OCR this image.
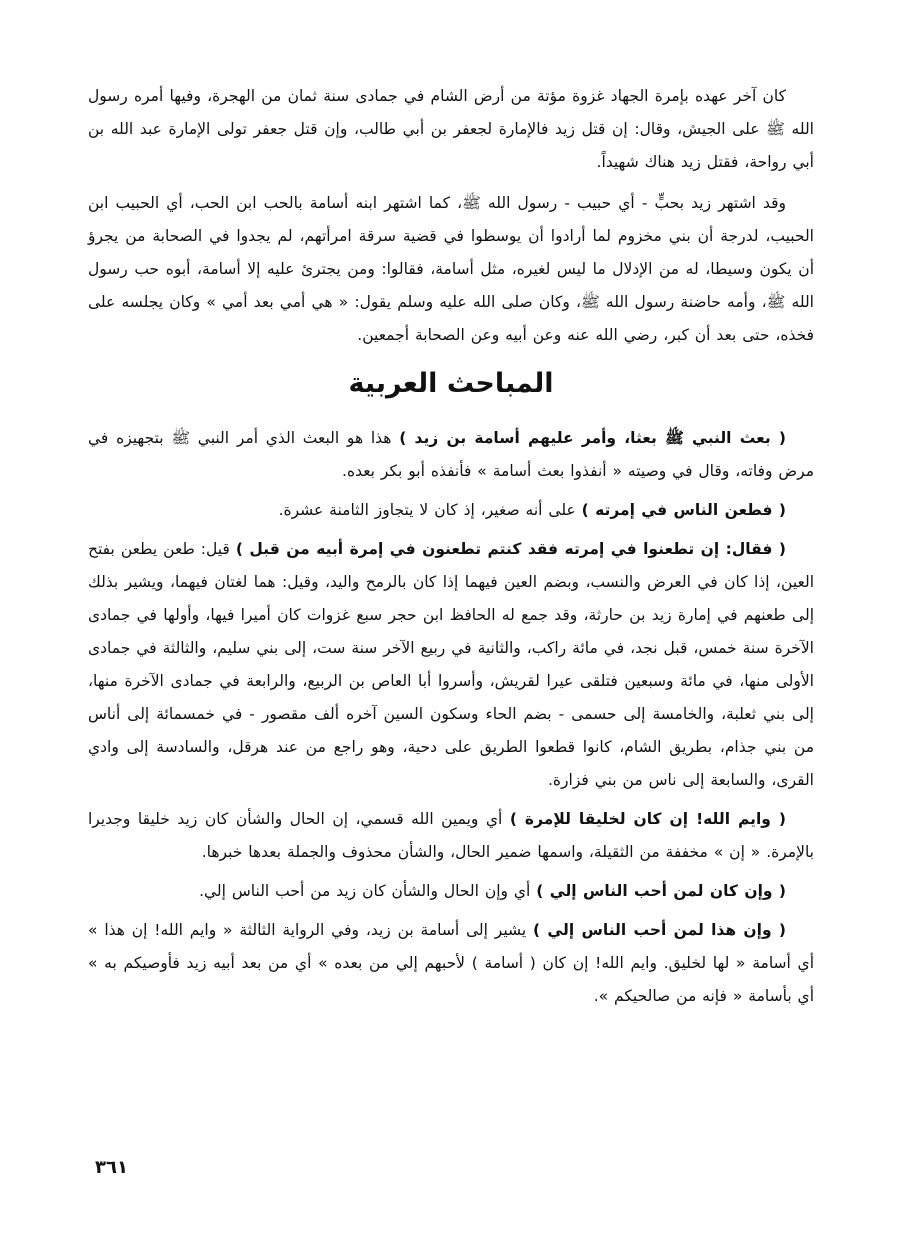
كان آخر عهده بإمرة الجهاد غزوة مؤتة من أرض الشام في جمادى سنة ثمان من الهجرة، وفيها أمره رسول الله ﷺ على الجيش، وقال: إن قتل زيد فالإمارة لجعفر بن أبي طالب، وإن قتل جعفر تولى الإمارة عبد الله بن أبي رواحة، فقتل زيد هناك شهيداً.

وقد اشتهر زيد بحبٍّ - أي حبيب - رسول الله ﷺ، كما اشتهر ابنه أسامة بالحب ابن الحب، أي الحبيب ابن الحبيب، لدرجة أن بني مخزوم لما أرادوا أن يوسطوا في قضية سرقة امرأتهم، لم يجدوا في الصحابة من يجرؤ أن يكون وسيطا، له من الإدلال ما ليس لغيره، مثل أسامة، فقالوا: ومن يجترئ عليه إلا أسامة، أبوه حب رسول الله ﷺ، وأمه حاضنة رسول الله ﷺ، وكان صلى الله عليه وسلم يقول: « هي أمي بعد أمي » وكان يجلسه على فخذه، حتى بعد أن كبر، رضي الله عنه وعن أبيه وعن الصحابة أجمعين.

المباحث العربية

( بعث النبي ﷺ بعثا، وأمر عليهم أسامة بن زيد ) هذا هو البعث الذي أمر النبي ﷺ بتجهيزه في مرض وفاته، وقال في وصيته « أنفذوا بعث أسامة » فأنفذه أبو بكر بعده.

( فطعن الناس في إمرته ) على أنه صغير، إذ كان لا يتجاوز الثامنة عشرة.

( فقال: إن تطعنوا في إمرته فقد كنتم تطعنون في إمرة أبيه من قبل ) قيل: طعن يطعن بفتح العين، إذا كان في العرض والنسب، وبضم العين فيهما إذا كان بالرمح واليد، وقيل: هما لغتان فيهما، ويشير بذلك إلى طعنهم في إمارة زيد بن حارثة، وقد جمع له الحافظ ابن حجر سبع غزوات كان أميرا فيها، وأولها في جمادى الآخرة سنة خمس، قبل نجد، في مائة راكب، والثانية في ربيع الآخر سنة ست، إلى بني سليم، والثالثة في جمادى الأولى منها، في مائة وسبعين فتلقى عيرا لقريش، وأسروا أبا العاص بن الربيع، والرابعة في جمادى الآخرة منها، إلى بني ثعلبة، والخامسة إلى حسمى - بضم الحاء وسكون السين آخره ألف مقصور - في خمسمائة إلى أناس من بني جذام، بطريق الشام، كانوا قطعوا الطريق على دحية، وهو راجع من عند هرقل، والسادسة إلى وادي القرى، والسابعة إلى ناس من بني فزارة.

( وايم الله! إن كان لخليقا للإمرة ) أي ويمين الله قسمي، إن الحال والشأن كان زيد خليقا وجديرا بالإمرة. « إن » مخففة من الثقيلة، واسمها ضمير الحال، والشأن محذوف والجملة بعدها خبرها.

( وإن كان لمن أحب الناس إلي ) أي وإن الحال والشأن كان زيد من أحب الناس إلي.

( وإن هذا لمن أحب الناس إلي ) يشير إلى أسامة بن زيد، وفي الرواية الثالثة « وايم الله! إن هذا » أي أسامة « لها لخليق. وايم الله! إن كان ( أسامة ) لأحبهم إلي من بعده » أي من بعد أبيه زيد فأوصيكم به » أي بأسامة « فإنه من صالحيكم ».

٣٦١
